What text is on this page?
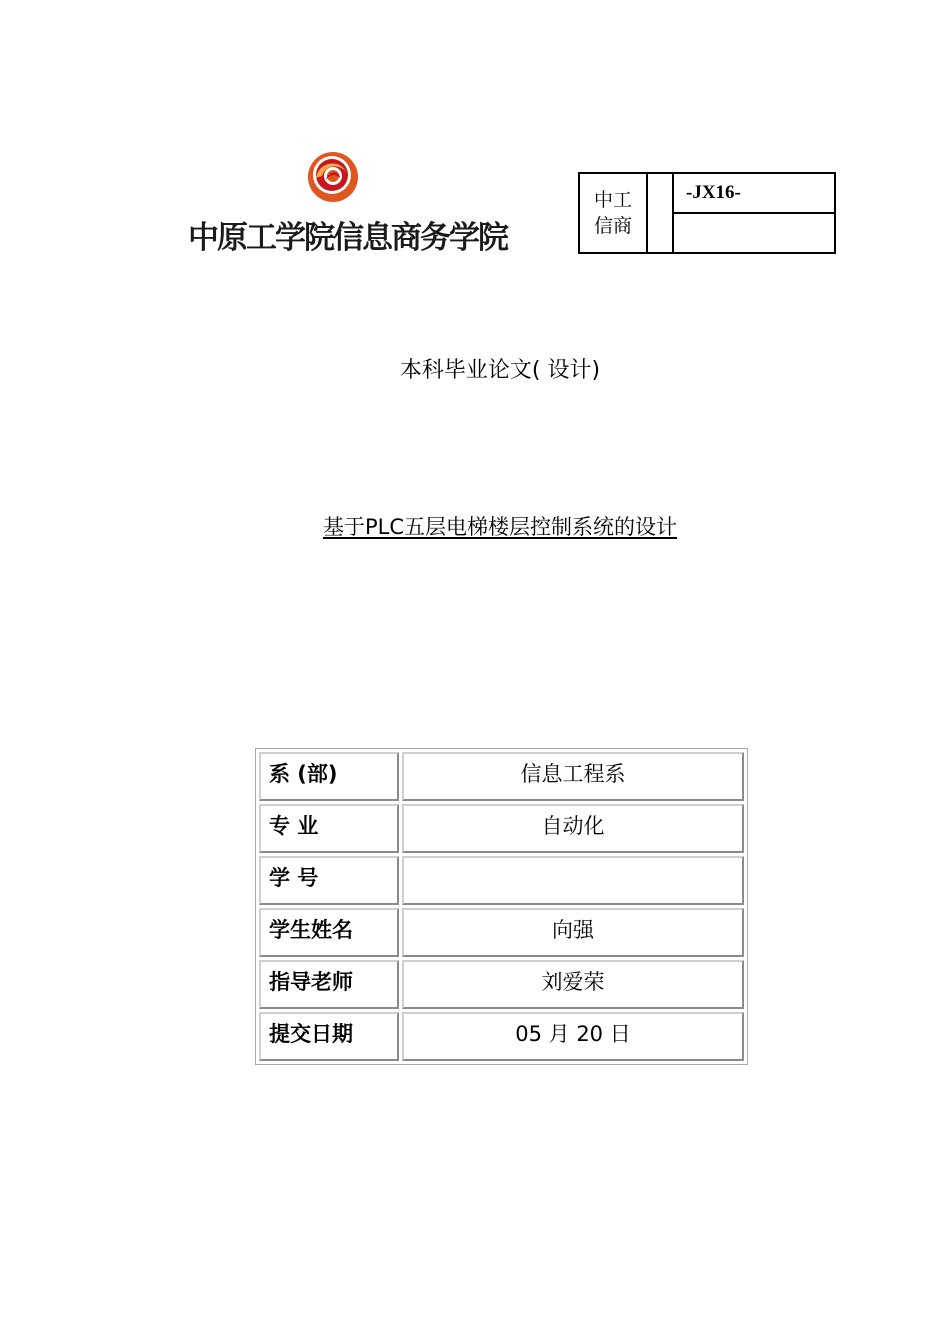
中原工学院信息商务学院
中工
信商
-JX16-
本科毕业论文( 设计)
基于PLC五层电梯楼层控制系统的设计
系 (部)	信息工程系
专 业	自动化
学 号	
学生姓名	向强
指导老师	刘爱荣
提交日期	05 月 20 日
